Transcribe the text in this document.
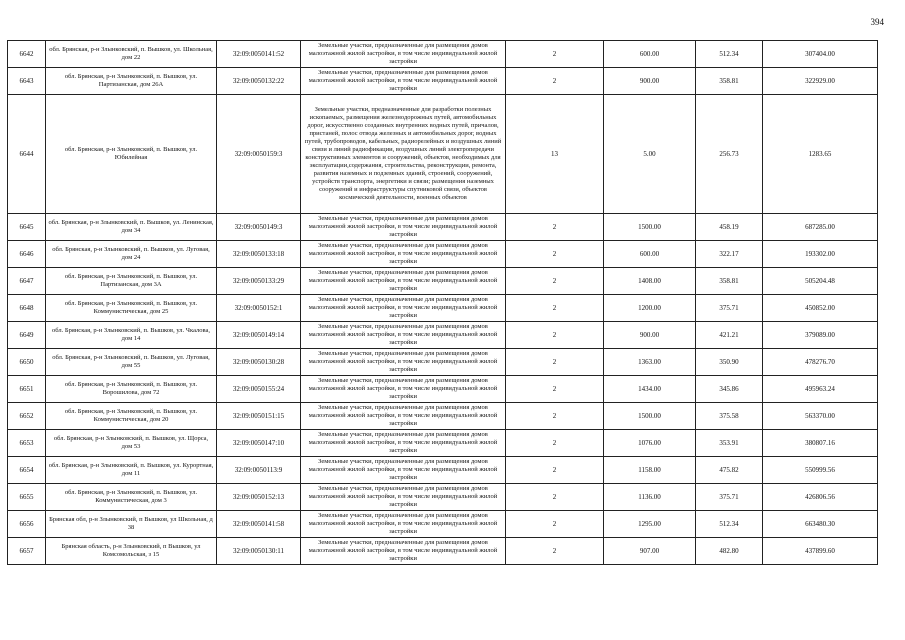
394
6642	обл. Брянская, р-н Злынковский, п. Вышков, ул. Школьная, дом 22	32:09:0050141:52	Земельные участки, предназначенные для размещения домов малоэтажной жилой застройки, в том числе индивидуальной жилой застройки	2	600.00	512.34	307404.00
6643	обл. Брянская, р-н Злынковский, п. Вышков, ул. Партизанская, дом 26А	32:09:0050132:22	Земельные участки, предназначенные для размещения домов малоэтажной жилой застройки, в том числе индивидуальной жилой застройки	2	900.00	358.81	322929.00
6644	обл. Брянская, р-н Злынковский, п. Вышков, ул. Юбилейная	32:09:0050159:3	Земельные участки, предназначенные для разработки полезных ископаемых, размещения железнодорожных путей, автомобильных дорог, искусственно созданных внутренних водных путей, причалов, пристаней, полос отвода железных и автомобильных дорог, водных путей, трубопроводов, кабельных, радиорелейных и воздушных линий связи и линий радиофикации, воздушных линий электропередачи конструктивных элементов и сооружений, объектов, необходимых для эксплуатации,содержания, строительства, реконструкции, ремонта, развития наземных и подземных зданий, строений, сооружений, устройств транспорта, энергетики и связи; размещения наземных сооружений и инфраструктуры спутниковой связи, объектов космической деятельности, военных объектов	13	5.00	256.73	1283.65
6645	обл. Брянская, р-н Злынковский, п. Вышков, ул. Ленинская, дом 34	32:09:0050149:3	Земельные участки, предназначенные для размещения домов малоэтажной жилой застройки, в том числе индивидуальной жилой застройки	2	1500.00	458.19	687285.00
6646	обл. Брянская, р-н Злынковский, п. Вышков, ул. Луговая, дом 24	32:09:0050133:18	Земельные участки, предназначенные для размещения домов малоэтажной жилой застройки, в том числе индивидуальной жилой застройки	2	600.00	322.17	193302.00
6647	обл. Брянская, р-н Злынковский, п. Вышков, ул. Партизанская, дом 3А	32:09:0050133:29	Земельные участки, предназначенные для размещения домов малоэтажной жилой застройки, в том числе индивидуальной жилой застройки	2	1408.00	358.81	505204.48
6648	обл. Брянская, р-н Злынковский, п. Вышков, ул. Коммунистическая, дом 25	32:09:0050152:1	Земельные участки, предназначенные для размещения домов малоэтажной жилой застройки, в том числе индивидуальной жилой застройки	2	1200.00	375.71	450852.00
6649	обл. Брянская, р-н Злынковский, п. Вышков, ул. Чкалова, дом 14	32:09:0050149:14	Земельные участки, предназначенные для размещения домов малоэтажной жилой застройки, в том числе индивидуальной жилой застройки	2	900.00	421.21	379089.00
6650	обл. Брянская, р-н Злынковский, п. Вышков, ул. Луговая, дом 55	32:09:0050130:28	Земельные участки, предназначенные для размещения домов малоэтажной жилой застройки, в том числе индивидуальной жилой застройки	2	1363.00	350.90	478276.70
6651	обл. Брянская, р-н Злынковский, п. Вышков, ул. Ворошилова, дом 72	32:09:0050155:24	Земельные участки, предназначенные для размещения домов малоэтажной жилой застройки, в том числе индивидуальной жилой застройки	2	1434.00	345.86	495963.24
6652	обл. Брянская, р-н Злынковский, п. Вышков, ул. Коммунистическая, дом 20	32:09:0050151:15	Земельные участки, предназначенные для размещения домов малоэтажной жилой застройки, в том числе индивидуальной жилой застройки	2	1500.00	375.58	563370.00
6653	обл. Брянская, р-н Злынковский, п. Вышков, ул. Щорса, дом 53	32:09:0050147:10	Земельные участки, предназначенные для размещения домов малоэтажной жилой застройки, в том числе индивидуальной жилой застройки	2	1076.00	353.91	380807.16
6654	обл. Брянская, р-н Злынковский, п. Вышков, ул. Курортная, дом 11	32:09:0050113:9	Земельные участки, предназначенные для размещения домов малоэтажной жилой застройки, в том числе индивидуальной жилой застройки	2	1158.00	475.82	550999.56
6655	обл. Брянская, р-н Злынковский, п. Вышков, ул. Коммунистическая, дом 3	32:09:0050152:13	Земельные участки, предназначенные для размещения домов малоэтажной жилой застройки, в том числе индивидуальной жилой застройки	2	1136.00	375.71	426806.56
6656	Брянская обл, р-н Злынковский, п Вышков, ул Школьная, д 38	32:09:0050141:58	Земельные участки, предназначенные для размещения домов малоэтажной жилой застройки, в том числе индивидуальной жилой застройки	2	1295.00	512.34	663480.30
6657	Брянская область, р-н Злынковский, п Вышков, ул Комсомольская, з 15	32:09:0050130:11	Земельные участки, предназначенные для размещения домов малоэтажной жилой застройки, в том числе индивидуальной жилой застройки	2	907.00	482.80	437899.60
